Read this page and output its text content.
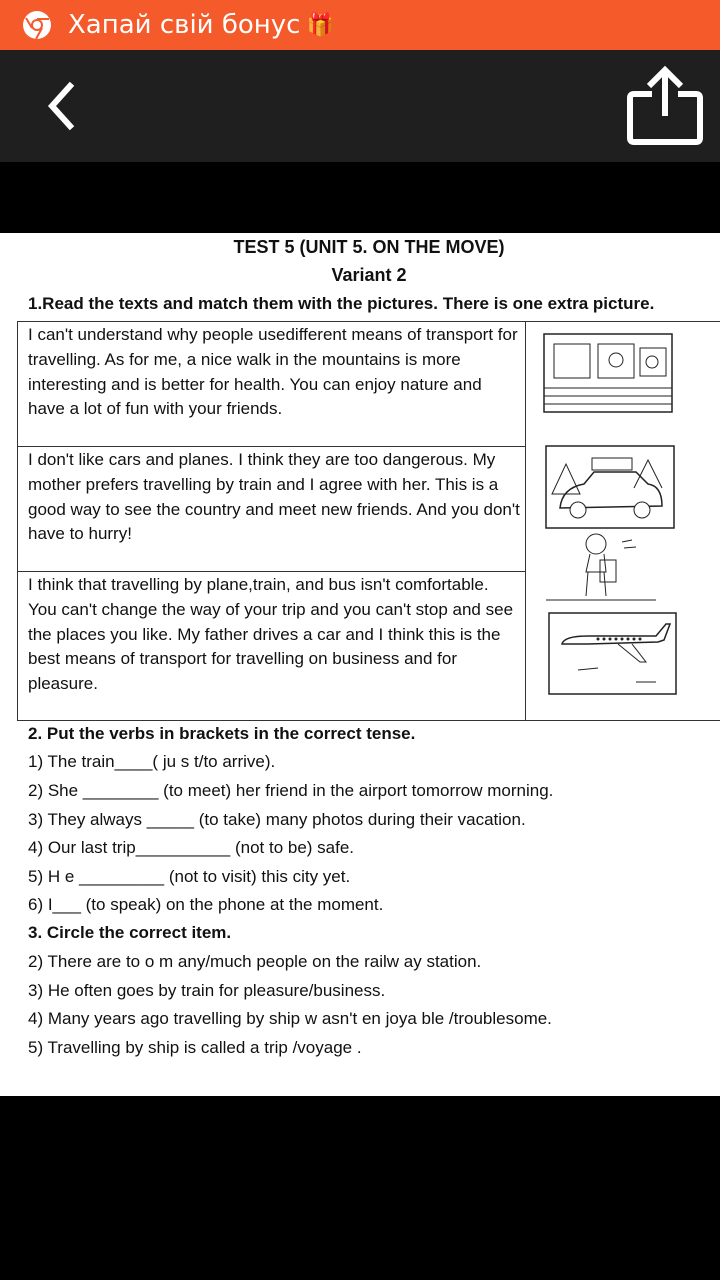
Хапай свій бонус 🎁
TEST 5 (UNIT 5. ON THE MOVE)
Variant 2
1.Read the texts and match them with the pictures. There is one extra picture.
I can't understand why people usedifferent means of transport for travelling. As for me, a nice walk in the mountains is more interesting and is better for health. You can enjoy nature and have a lot of fun with your friends.
I don't like cars and planes. I think they are too dangerous. My mother prefers travelling by train and I agree with her. This is a good way to see the country and meet new friends. And you don't have to hurry!
I think that travelling by plane,train, and bus isn't comfortable. You can't change the way of your trip and you can't stop and see the places you like. My father drives a car and I think this is the best means of transport for travelling on business and for pleasure.
2. Put the verbs in brackets in the correct tense.
1) The train____( ju s t/to arrive).
2) She ________ (to meet) her friend in the airport tomorrow morning.
3) They always _____ (to take) many photos during their vacation.
4) Our last trip__________ (not to be) safe.
5) H e _________ (not to visit) this city yet.
6) I___ (to speak) on the phone at the moment.
3. Circle the correct item.
2) There are to o m any/much people on the railw ay station.
3) He often goes by train for pleasure/business.
4) Many years ago travelling by ship w asn't en joya ble /troublesome.
5) Travelling by ship is called a trip /voyage .
